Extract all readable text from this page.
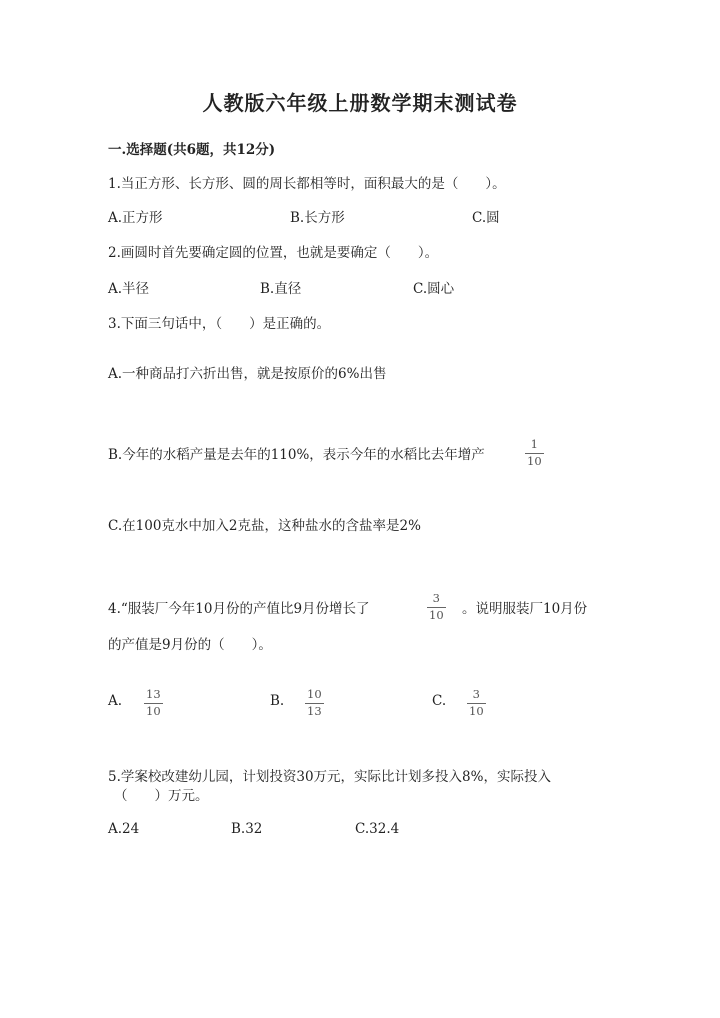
人教版六年级上册数学期末测试卷
一.选择题(共6题，共12分)
1.当正方形、长方形、圆的周长都相等时，面积最大的是（　　）。
A.正方形	B.长方形	C.圆
2.画圆时首先要确定圆的位置，也就是要确定（　　）。
A.半径	B.直径	C.圆心
3.下面三句话中，（　　）是正确的。
A.一种商品打六折出售，就是按原价的6%出售
B.今年的水稻产量是去年的110%，表示今年的水稻比去年增产
1
10
C.在100克水中加入2克盐，这种盐水的含盐率是2%
4.“服装厂今年10月份的产值比9月份增长了
3
10 。说明服装厂10月份
的产值是9月份的（　　）。
A. 13
10
B. 10
13
C. 3
10
5.学案校改建幼儿园，计划投资30万元，实际比计划多投入8%，实际投入
（　　）万元。
A.24	B.32	C.32.4
